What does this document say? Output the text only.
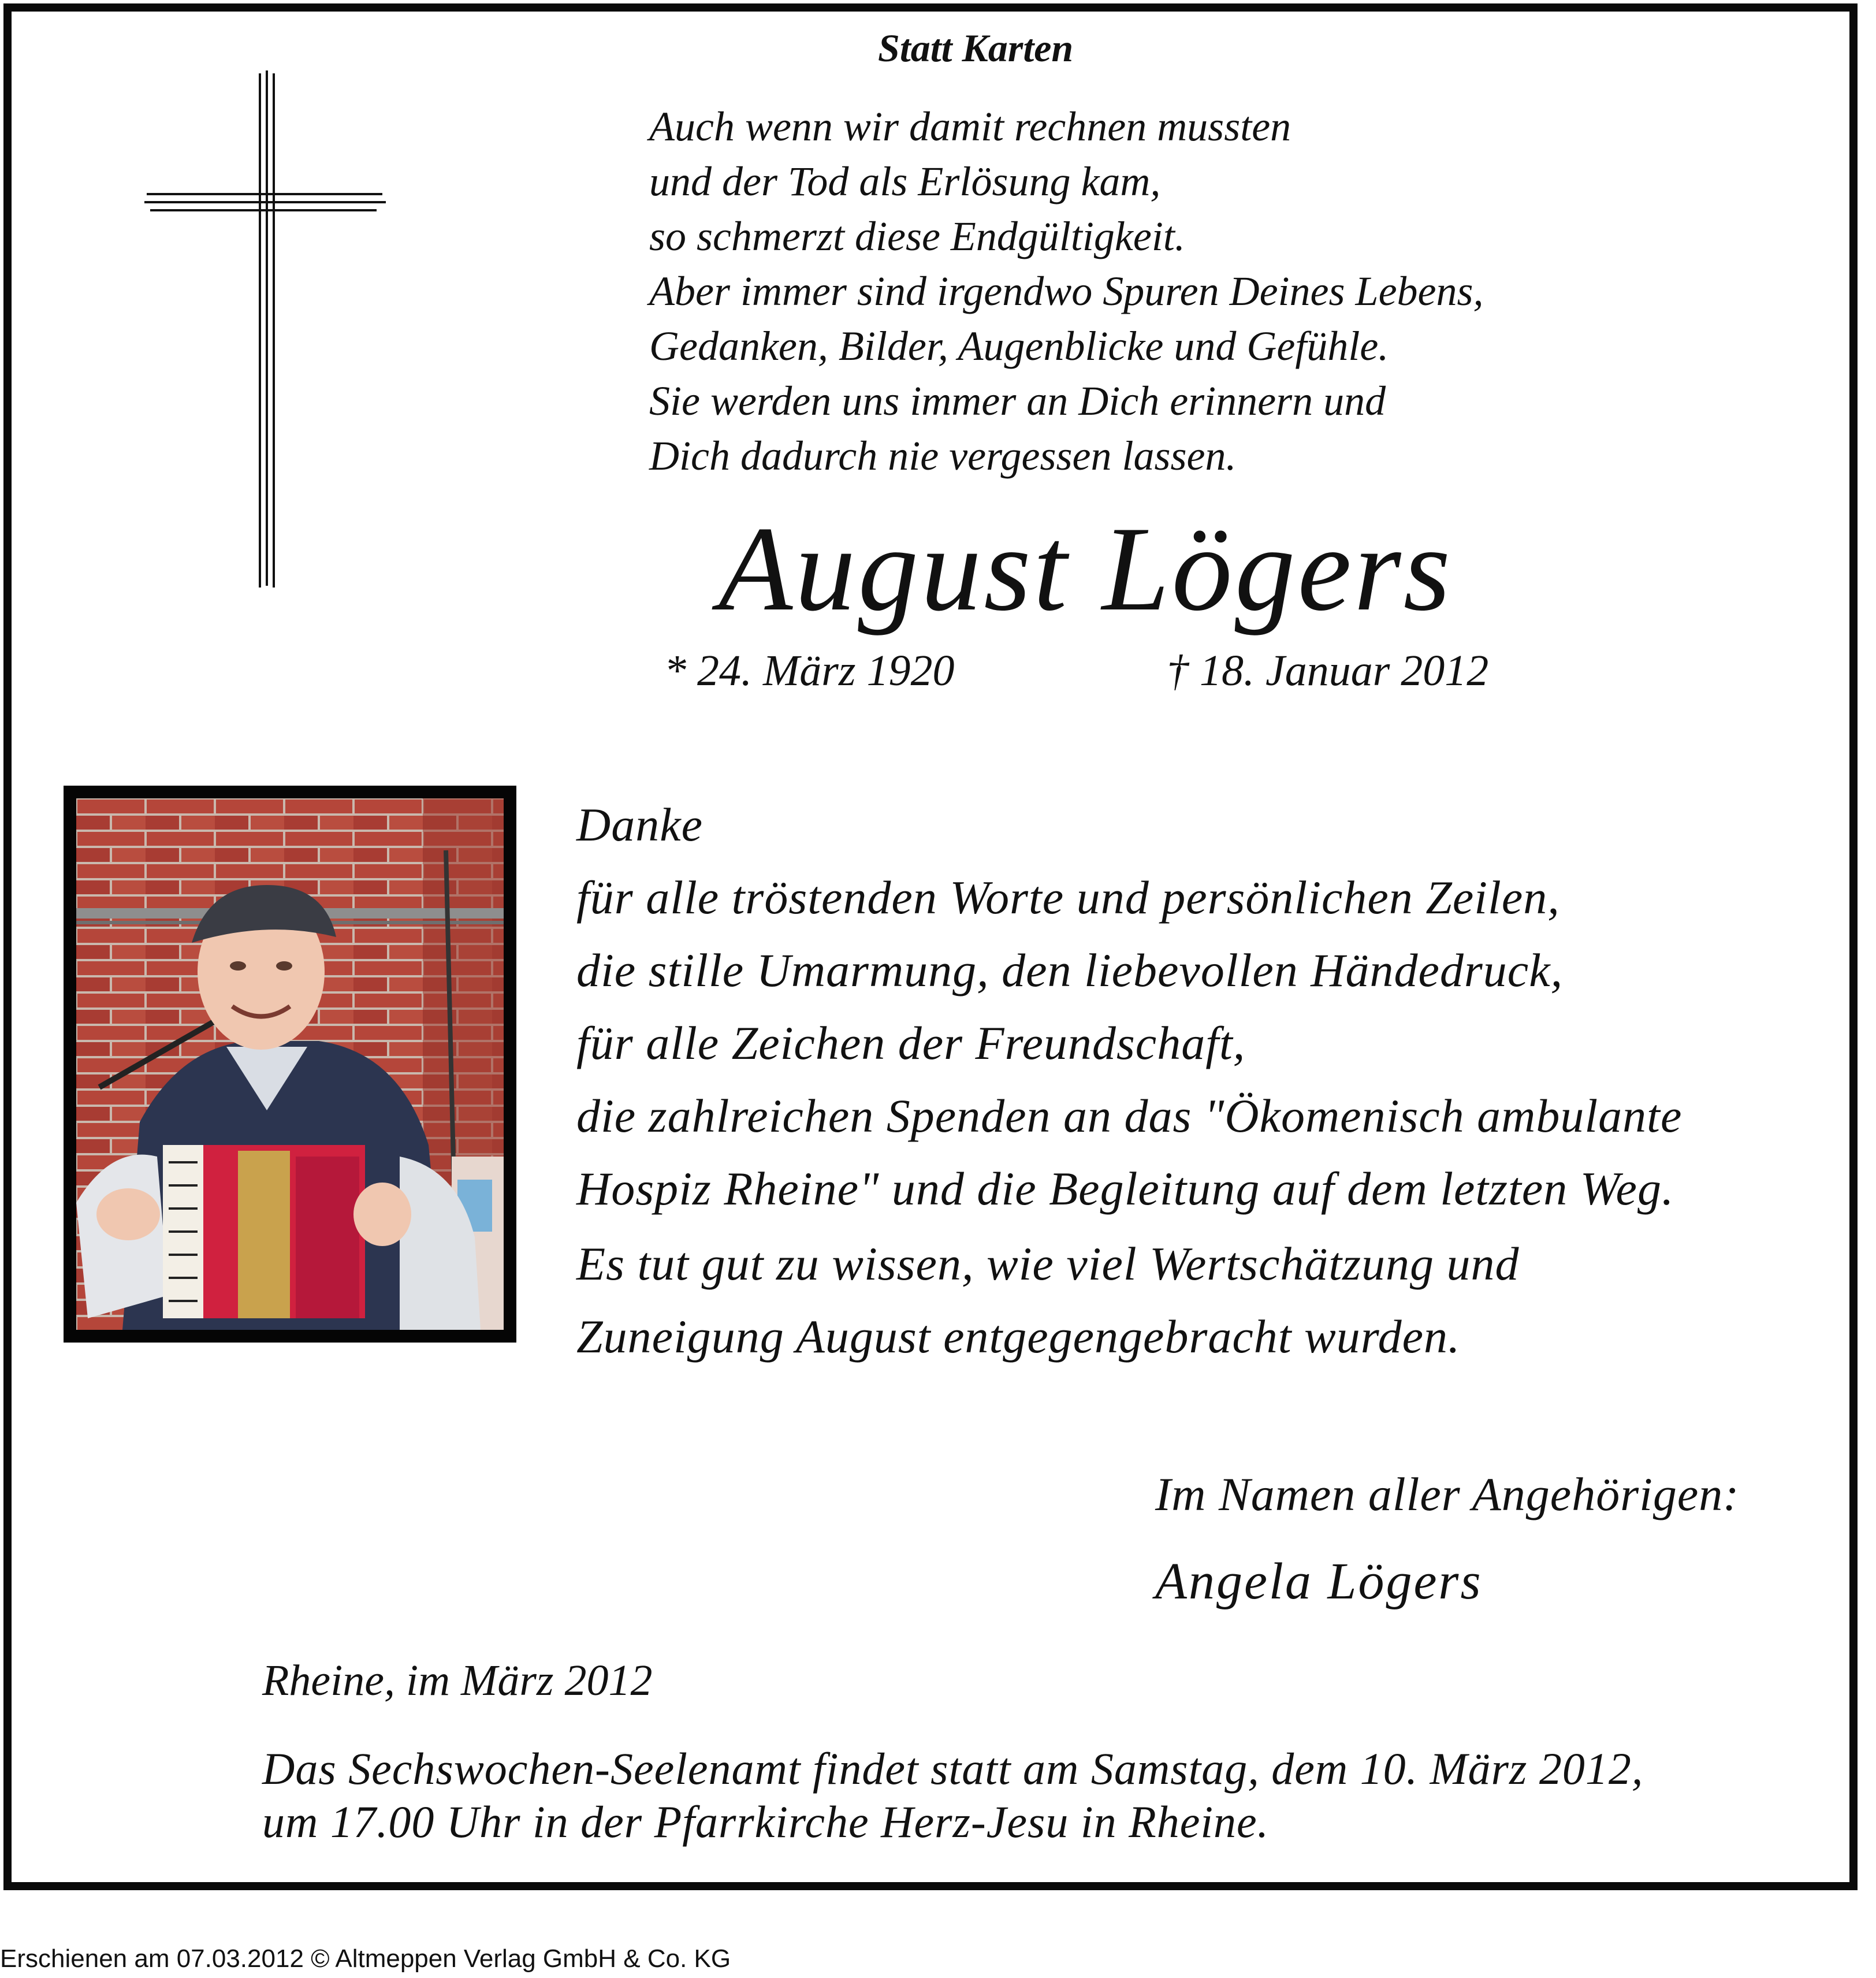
Statt Karten
Auch wenn wir damit rechnen mussten
und der Tod als Erlösung kam,
so schmerzt diese Endgültigkeit.
Aber immer sind irgendwo Spuren Deines Lebens,
Gedanken, Bilder, Augenblicke und Gefühle.
Sie werden uns immer an Dich erinnern und
Dich dadurch nie vergessen lassen.
August Lögers
* 24. März 1920	† 18. Januar 2012
Danke
für alle tröstenden Worte und persönlichen Zeilen,
die stille Umarmung, den liebevollen Händedruck,
für alle Zeichen der Freundschaft,
die zahlreichen Spenden an das "Ökomenisch ambulante
Hospiz Rheine" und die Begleitung auf dem letzten Weg.
Es tut gut zu wissen, wie viel Wertschätzung und
Zuneigung August entgegengebracht wurden.
Im Namen aller Angehörigen:
Angela Lögers
Rheine, im März 2012
Das Sechswochen-Seelenamt findet statt am Samstag, dem 10. März 2012,
um 17.00 Uhr in der Pfarrkirche Herz-Jesu in Rheine.
Erschienen am 07.03.2012 © Altmeppen Verlag GmbH & Co. KG
